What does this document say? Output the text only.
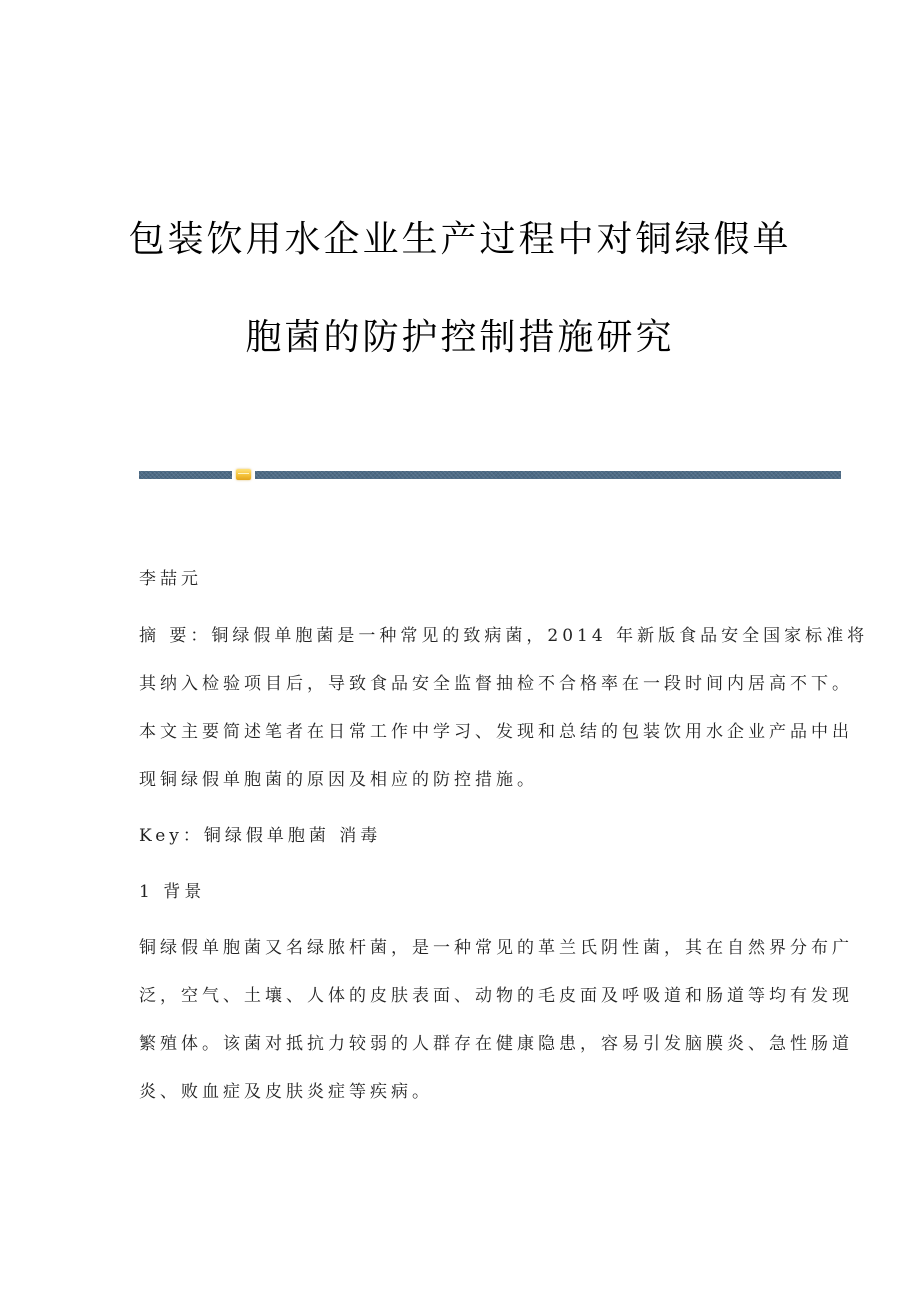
包装饮用水企业生产过程中对铜绿假单
胞菌的防护控制措施研究
李喆元
摘 要：铜绿假单胞菌是一种常见的致病菌，2014 年新版食品安全国家标准将
其纳入检验项目后，导致食品安全监督抽检不合格率在一段时间内居高不下。
本文主要简述笔者在日常工作中学习、发现和总结的包装饮用水企业产品中出
现铜绿假单胞菌的原因及相应的防控措施。
Key：铜绿假单胞菌 消毒
1 背景
铜绿假单胞菌又名绿脓杆菌，是一种常见的革兰氏阴性菌，其在自然界分布广
泛，空气、土壤、人体的皮肤表面、动物的毛皮面及呼吸道和肠道等均有发现
繁殖体。该菌对抵抗力较弱的人群存在健康隐患，容易引发脑膜炎、急性肠道
炎、败血症及皮肤炎症等疾病。
